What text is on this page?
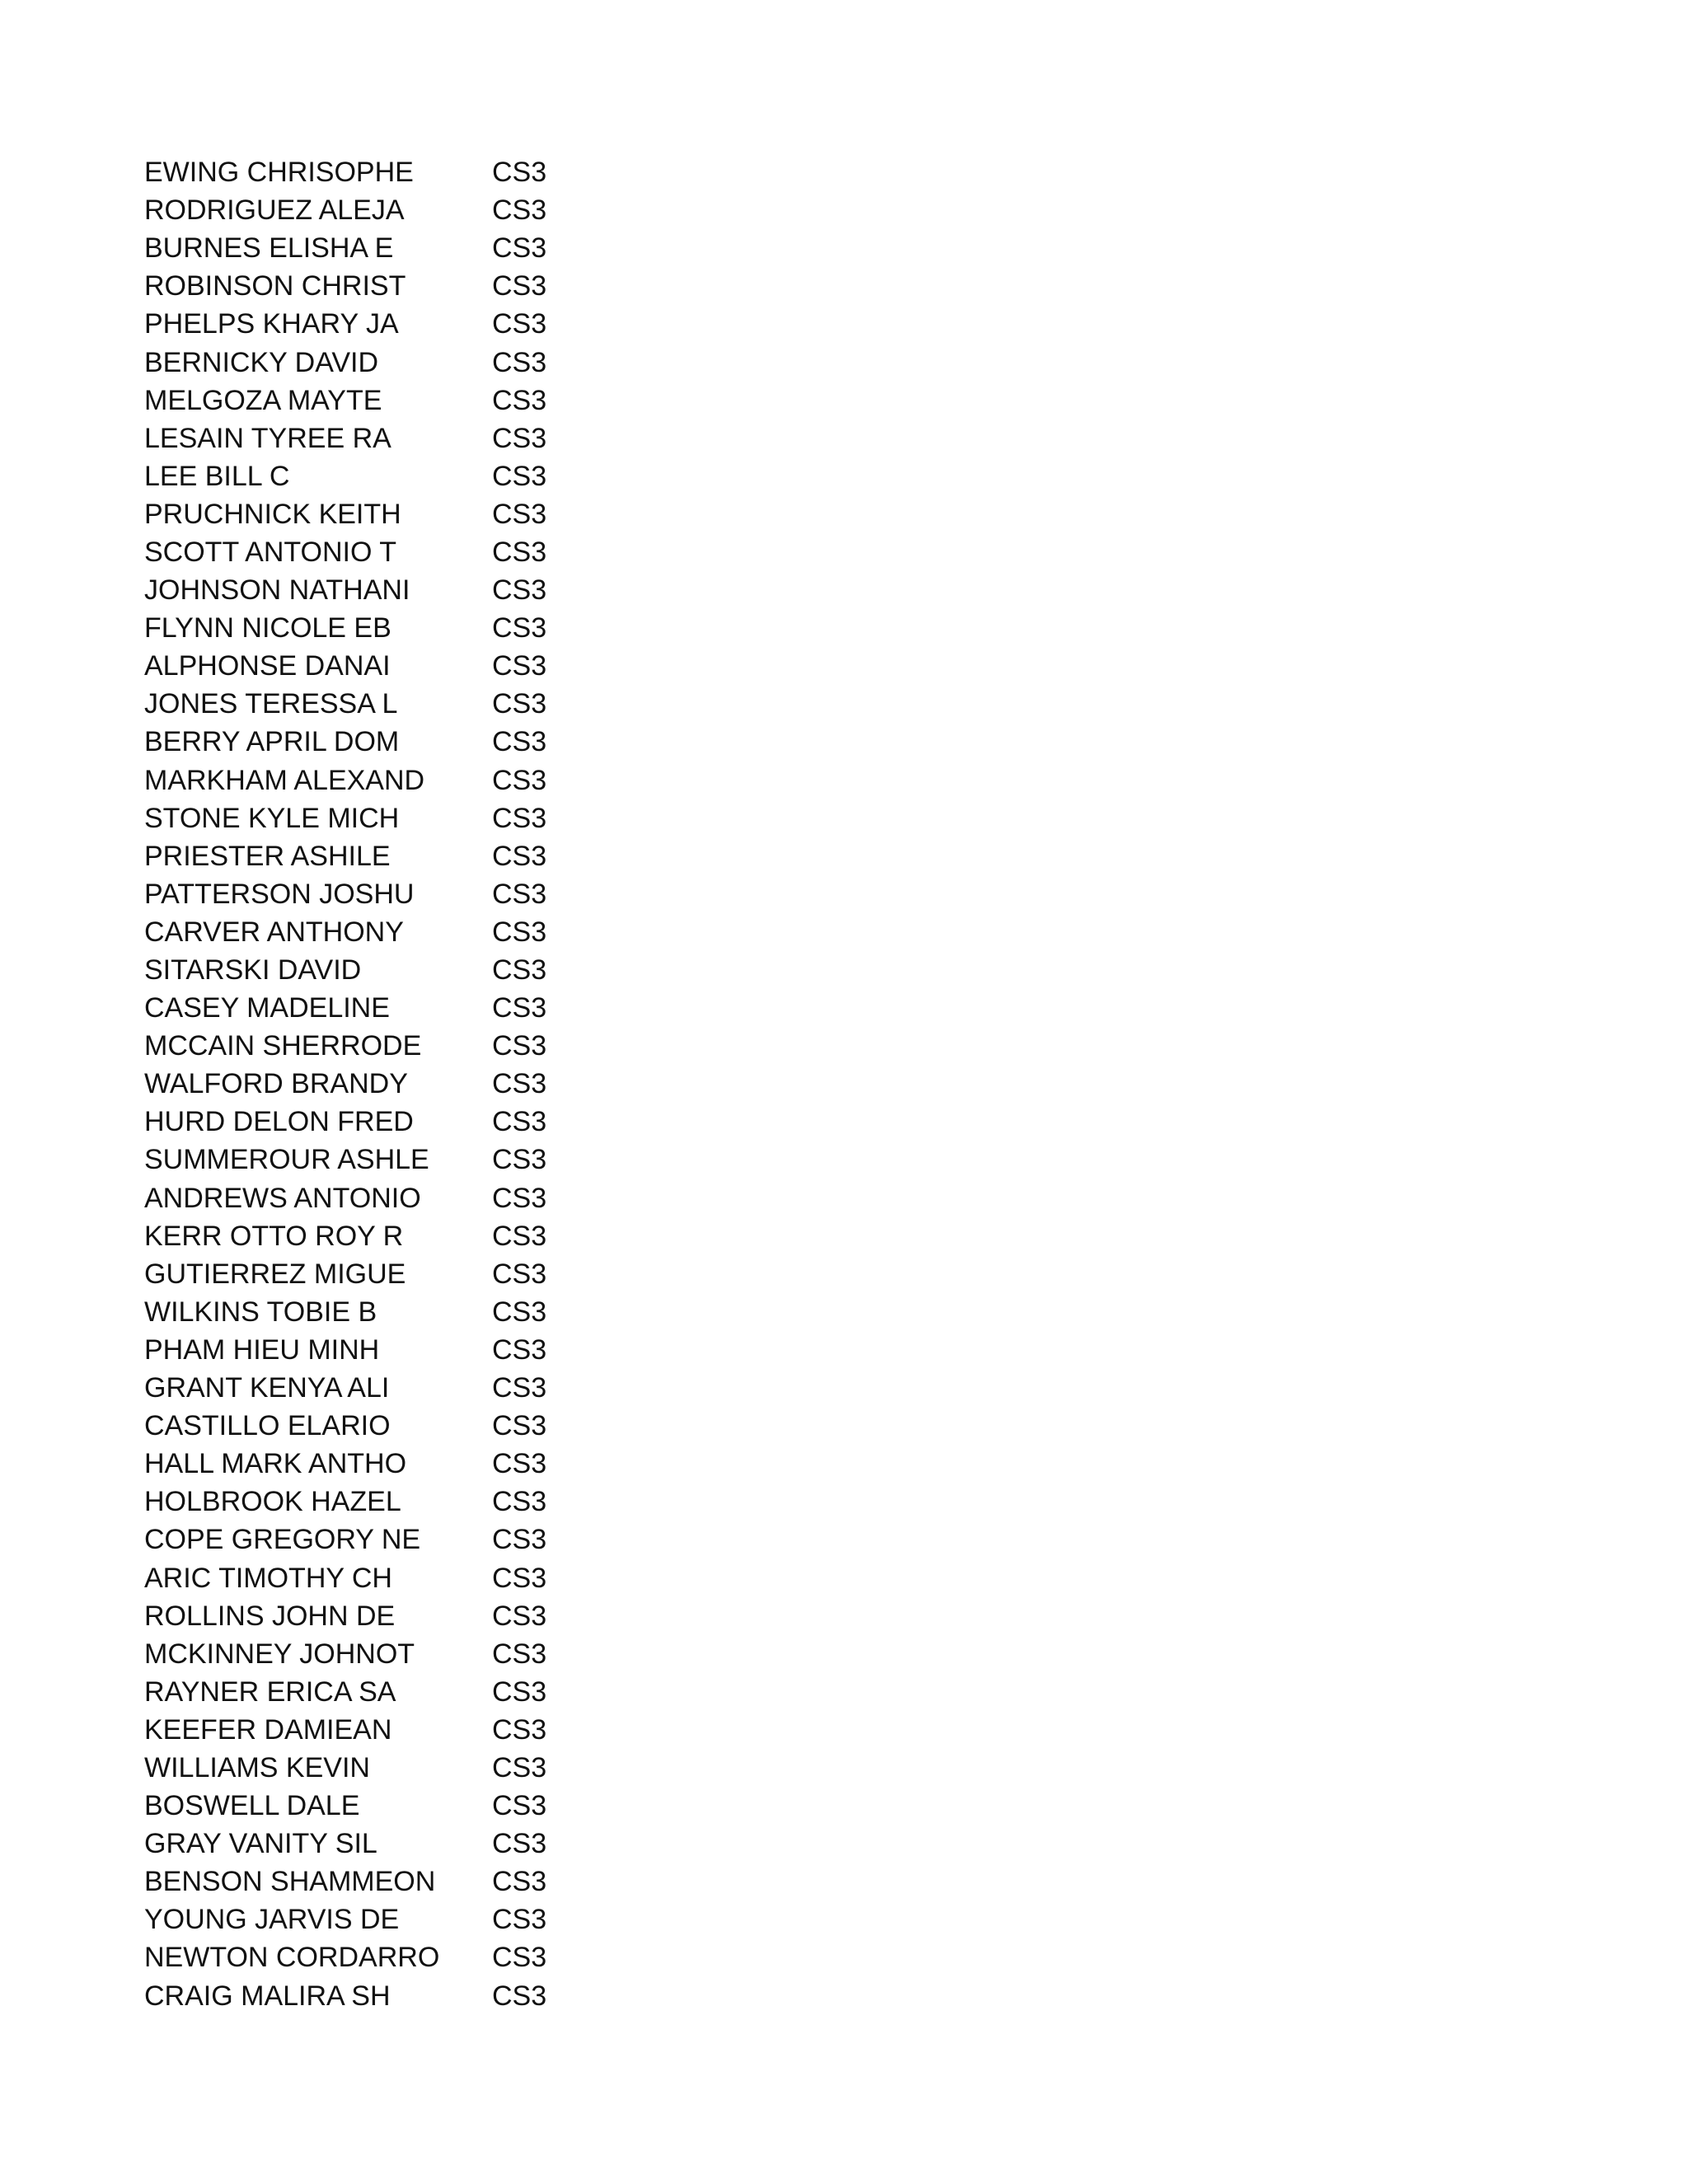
EWING CHRISOPHE	CS3
RODRIGUEZ ALEJA	CS3
BURNES ELISHA E	CS3
ROBINSON CHRIST	CS3
PHELPS KHARY JA	CS3
BERNICKY DAVID	CS3
MELGOZA MAYTE	CS3
LESAIN TYREE RA	CS3
LEE BILL C	CS3
PRUCHNICK KEITH	CS3
SCOTT ANTONIO T	CS3
JOHNSON NATHANI	CS3
FLYNN NICOLE EB	CS3
ALPHONSE DANAI	CS3
JONES TERESSA L	CS3
BERRY APRIL DOM	CS3
MARKHAM ALEXAND	CS3
STONE KYLE MICH	CS3
PRIESTER ASHILE	CS3
PATTERSON JOSHU	CS3
CARVER ANTHONY	CS3
SITARSKI DAVID	CS3
CASEY MADELINE	CS3
MCCAIN SHERRODE	CS3
WALFORD BRANDY	CS3
HURD DELON FRED	CS3
SUMMEROUR ASHLE	CS3
ANDREWS ANTONIO	CS3
KERR OTTO ROY R	CS3
GUTIERREZ MIGUE	CS3
WILKINS TOBIE B	CS3
PHAM HIEU MINH	CS3
GRANT KENYA ALI	CS3
CASTILLO ELARIO	CS3
HALL MARK ANTHO	CS3
HOLBROOK HAZEL	CS3
COPE GREGORY NE	CS3
ARIC TIMOTHY CH	CS3
ROLLINS JOHN DE	CS3
MCKINNEY JOHNOT	CS3
RAYNER ERICA SA	CS3
KEEFER DAMIEAN	CS3
WILLIAMS KEVIN	CS3
BOSWELL DALE	CS3
GRAY VANITY SIL	CS3
BENSON SHAMMEON	CS3
YOUNG JARVIS DE	CS3
NEWTON CORDARRO	CS3
CRAIG MALIRA SH	CS3
